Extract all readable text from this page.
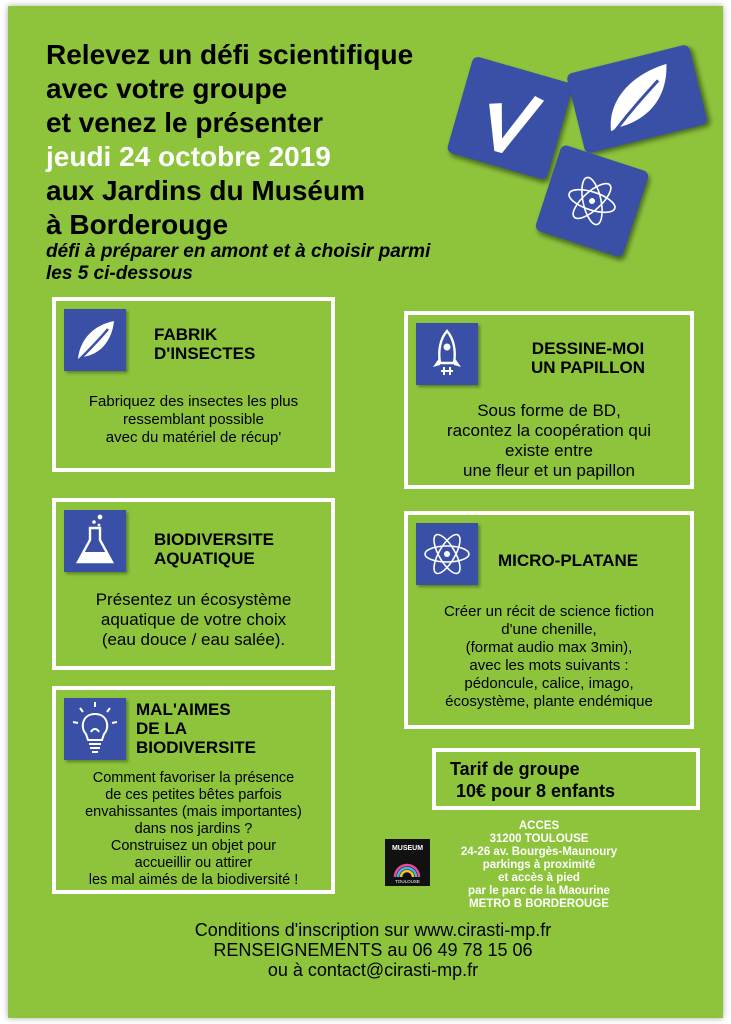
Relevez un défi scientifique
avec votre groupe
et venez le présenter
jeudi 24 octobre 2019
aux Jardins du Muséum
à Borderouge
défi à préparer en amont et à choisir parmi
les 5 ci-dessous
FABRIK
D'INSECTES
Fabriquez des insectes les plus
ressemblant possible
avec du matériel de récup'
DESSINE-MOI
UN PAPILLON
Sous forme de BD,
racontez la coopération qui
existe entre
une fleur et un papillon
BIODIVERSITE
AQUATIQUE
Présentez un écosystème
aquatique de votre choix
(eau douce / eau salée).
MICRO-PLATANE
Créer un récit de science fiction
d'une chenille,
(format audio max 3min),
avec les mots suivants :
pédoncule, calice, imago,
écosystème, plante endémique
MAL'AIMES
DE LA
BIODIVERSITE
Comment favoriser la présence
de ces petites bêtes parfois
envahissantes (mais importantes)
dans nos jardins ?
Construisez un objet pour
accueillir ou attirer
les mal aimés de la biodiversité !
Tarif de groupe
10€ pour 8 enfants
MUSEUM
TOULOUSE
ACCES
31200 TOULOUSE
24-26 av. Bourgès-Maunoury
parkings à proximité
et accès à pied
par le parc de la Maourine
METRO B BORDEROUGE
Conditions d'inscription sur www.cirasti-mp.fr
RENSEIGNEMENTS au 06 49 78 15 06
ou à contact@cirasti-mp.fr
